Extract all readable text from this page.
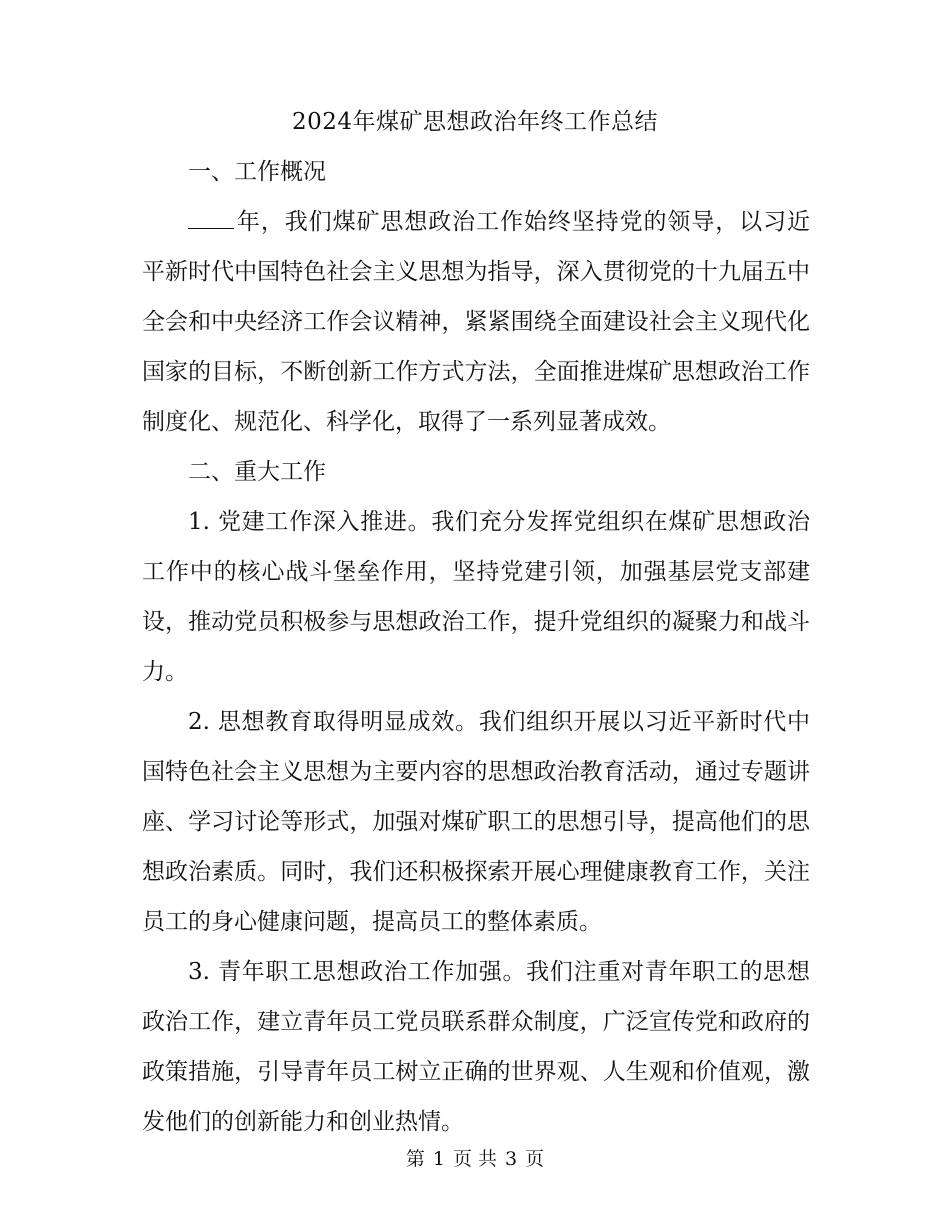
2024年煤矿思想政治年终工作总结

一、工作概况

年，我们煤矿思想政治工作始终坚持党的领导，以习近平新时代中国特色社会主义思想为指导，深入贯彻党的十九届五中全会和中央经济工作会议精神，紧紧围绕全面建设社会主义现代化国家的目标，不断创新工作方式方法，全面推进煤矿思想政治工作制度化、规范化、科学化，取得了一系列显著成效。

二、重大工作

1. 党建工作深入推进。我们充分发挥党组织在煤矿思想政治工作中的核心战斗堡垒作用，坚持党建引领，加强基层党支部建设，推动党员积极参与思想政治工作，提升党组织的凝聚力和战斗力。

2. 思想教育取得明显成效。我们组织开展以习近平新时代中国特色社会主义思想为主要内容的思想政治教育活动，通过专题讲座、学习讨论等形式，加强对煤矿职工的思想引导，提高他们的思想政治素质。同时，我们还积极探索开展心理健康教育工作，关注员工的身心健康问题，提高员工的整体素质。

3. 青年职工思想政治工作加强。我们注重对青年职工的思想政治工作，建立青年员工党员联系群众制度，广泛宣传党和政府的政策措施，引导青年员工树立正确的世界观、人生观和价值观，激发他们的创新能力和创业热情。

第 1 页 共 3 页
